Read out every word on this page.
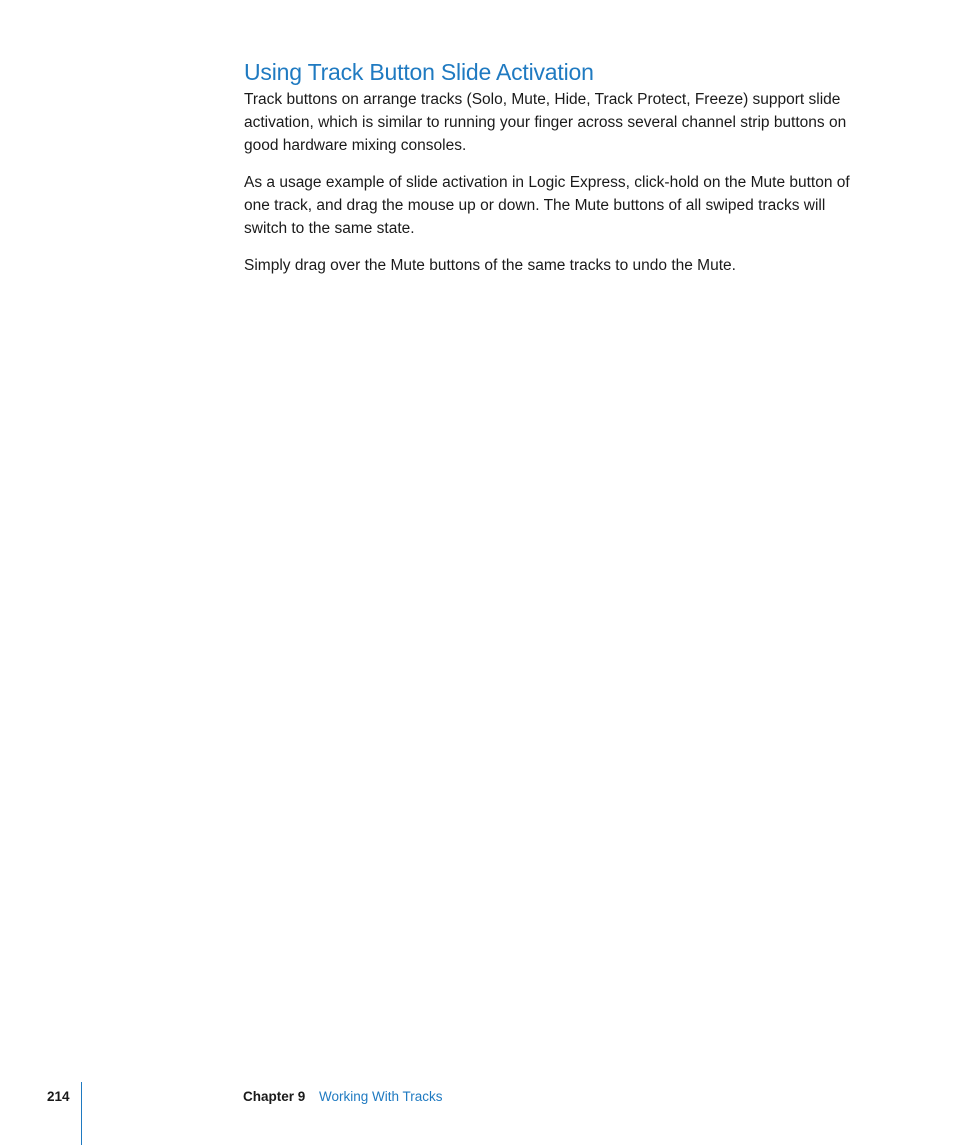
Using Track Button Slide Activation

Track buttons on arrange tracks (Solo, Mute, Hide, Track Protect, Freeze) support slide activation, which is similar to running your finger across several channel strip buttons on good hardware mixing consoles.

As a usage example of slide activation in Logic Express, click-hold on the Mute button of one track, and drag the mouse up or down. The Mute buttons of all swiped tracks will switch to the same state.

Simply drag over the Mute buttons of the same tracks to undo the Mute.

214	Chapter 9 Working With Tracks
